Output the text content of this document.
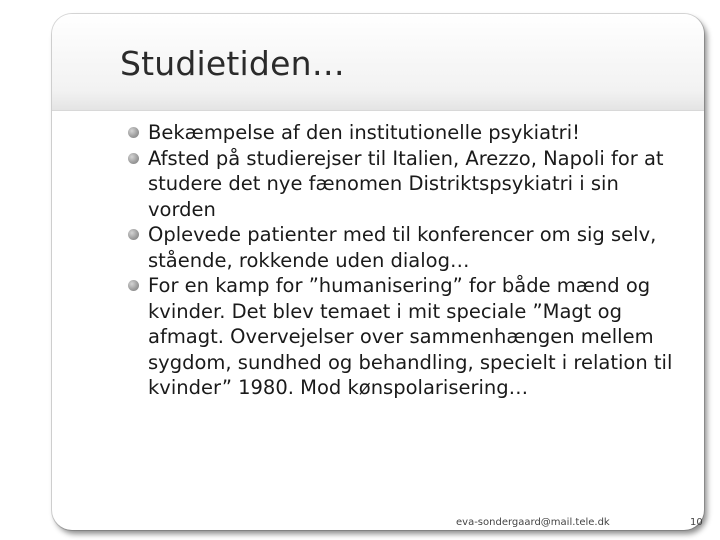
Studietiden…
Bekæmpelse af den institutionelle psykiatri!
Afsted på studierejser til Italien, Arezzo, Napoli for at studere det nye fænomen Distriktspsykiatri i sin vorden
Oplevede patienter med til konferencer om sig selv, stående, rokkende uden dialog…
For en kamp for ”humanisering” for både mænd og kvinder. Det blev temaet i mit speciale ”Magt og afmagt. Overvejelser over sammenhængen mellem sygdom, sundhed og behandling, specielt i relation til kvinder” 1980. Mod kønspolarisering…
eva-sondergaard@mail.tele.dk	10
